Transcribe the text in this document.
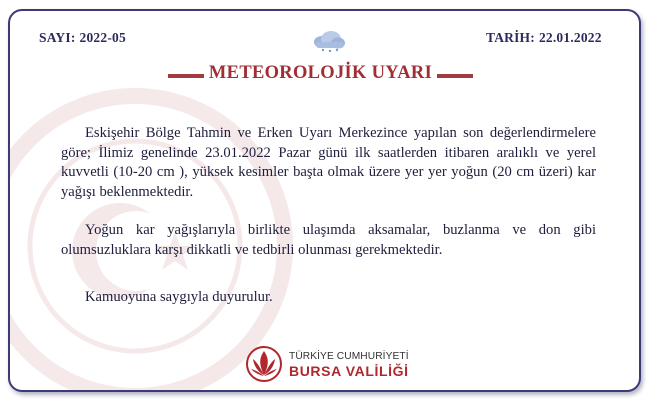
SAYI: 2022-05	TARİH: 22.01.2022
METEOROLOJİK UYARI
Eskişehir Bölge Tahmin ve Erken Uyarı Merkezince yapılan son değerlendirmelere göre; İlimiz genelinde 23.01.2022 Pazar günü ilk saatlerden itibaren aralıklı ve yerel kuvvetli (10-20 cm ), yüksek kesimler başta olmak üzere yer yer yoğun (20 cm üzeri) kar yağışı beklenmektedir.
Yoğun kar yağışlarıyla birlikte ulaşımda aksamalar, buzlanma ve don gibi olumsuzluklara karşı dikkatli ve tedbirli olunması gerekmektedir.
Kamuoyuna saygıyla duyurulur.
TÜRKİYE CUMHURİYETİ
BURSA VALİLİĞİ
